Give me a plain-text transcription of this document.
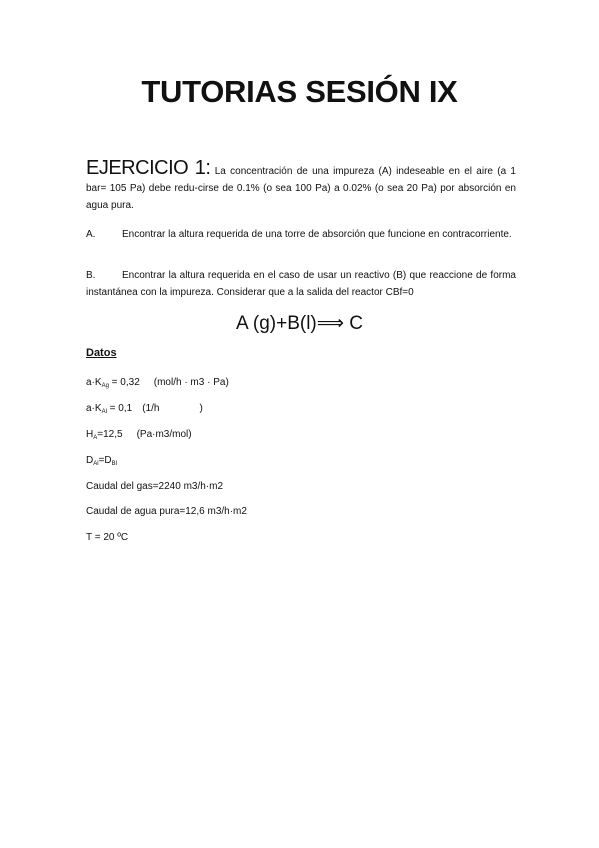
TUTORIAS SESIÓN IX
EJERCICIO 1: La concentración de una impureza (A) indeseable en el aire (a 1 bar= 105 Pa) debe redu-cirse de 0.1% (o sea 100 Pa) a 0.02% (o sea 20 Pa) por absorción en agua pura.
A.	Encontrar la altura requerida de una torre de absorción que funcione en contracorriente.
B.	Encontrar la altura requerida en el caso de usar un reactivo (B) que reaccione de forma instantánea con la impureza. Considerar que a la salida del reactor CBf=0
A (g)+B(l)⟹ C
Datos
$a\cdot K_{Ag} = 0,32$ (mol/h · m3 · Pa)
$a\cdot K_{Al} = 0,1$ (1/h	)
$H_A=12,5$ (Pa·m3/mol)
$D_{Al}=D_{Bl}$
Caudal del gas=2240 m3/h·m2
Caudal de agua pura=12,6 m3/h·m2
T = 20 ºC
